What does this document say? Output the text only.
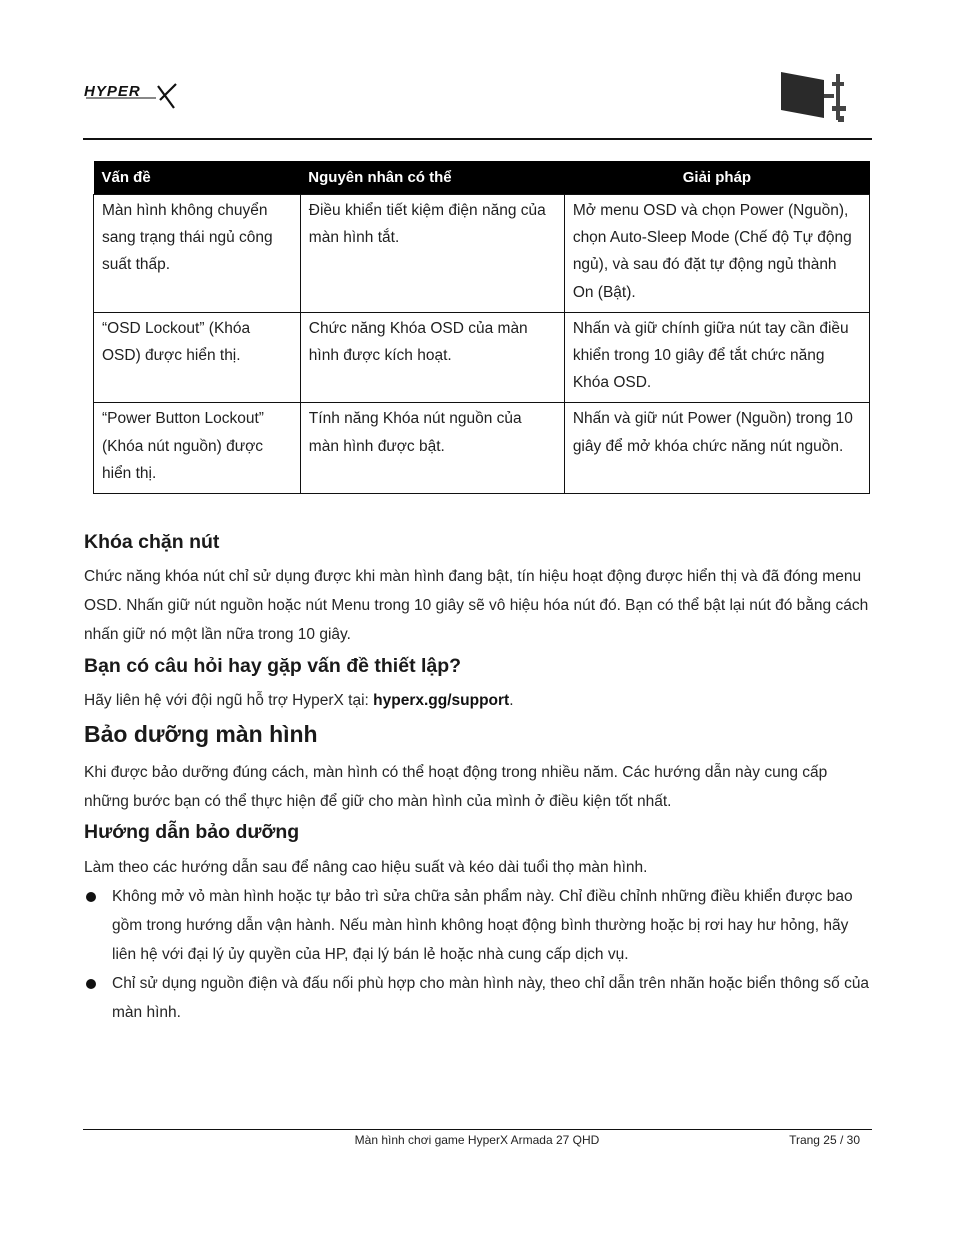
HYPER
Vấn đề	Nguyên nhân có thể	Giải pháp
Màn hình không chuyển sang trạng thái ngủ công suất thấp.	Điều khiển tiết kiệm điện năng của màn hình tắt.	Mở menu OSD và chọn Power (Nguồn), chọn Auto-Sleep Mode (Chế độ Tự động ngủ), và sau đó đặt tự động ngủ thành On (Bật).
“OSD Lockout” (Khóa OSD) được hiển thị.	Chức năng Khóa OSD của màn hình được kích hoạt.	Nhấn và giữ chính giữa nút tay cần điều khiển trong 10 giây để tắt chức năng Khóa OSD.
“Power Button Lockout” (Khóa nút nguồn) được hiển thị.	Tính năng Khóa nút nguồn của màn hình được bật.	Nhấn và giữ nút Power (Nguồn) trong 10 giây để mở khóa chức năng nút nguồn.
Khóa chặn nút
Chức năng khóa nút chỉ sử dụng được khi màn hình đang bật, tín hiệu hoạt động được hiển thị và đã đóng menu OSD. Nhấn giữ nút nguồn hoặc nút Menu trong 10 giây sẽ vô hiệu hóa nút đó. Bạn có thể bật lại nút đó bằng cách nhấn giữ nó một lần nữa trong 10 giây.
Bạn có câu hỏi hay gặp vấn đề thiết lập?
Hãy liên hệ với đội ngũ hỗ trợ HyperX tại: hyperx.gg/support.
Bảo dưỡng màn hình
Khi được bảo dưỡng đúng cách, màn hình có thể hoạt động trong nhiều năm. Các hướng dẫn này cung cấp những bước bạn có thể thực hiện để giữ cho màn hình của mình ở điều kiện tốt nhất.
Hướng dẫn bảo dưỡng
Làm theo các hướng dẫn sau để nâng cao hiệu suất và kéo dài tuổi thọ màn hình.
Không mở vỏ màn hình hoặc tự bảo trì sửa chữa sản phẩm này. Chỉ điều chỉnh những điều khiển được bao gồm trong hướng dẫn vận hành. Nếu màn hình không hoạt động bình thường hoặc bị rơi hay hư hỏng, hãy liên hệ với đại lý ủy quyền của HP, đại lý bán lẻ hoặc nhà cung cấp dịch vụ.
Chỉ sử dụng nguồn điện và đấu nối phù hợp cho màn hình này, theo chỉ dẫn trên nhãn hoặc biển thông số của màn hình.
Màn hình chơi game HyperX Armada 27 QHD	Trang 25 / 30
